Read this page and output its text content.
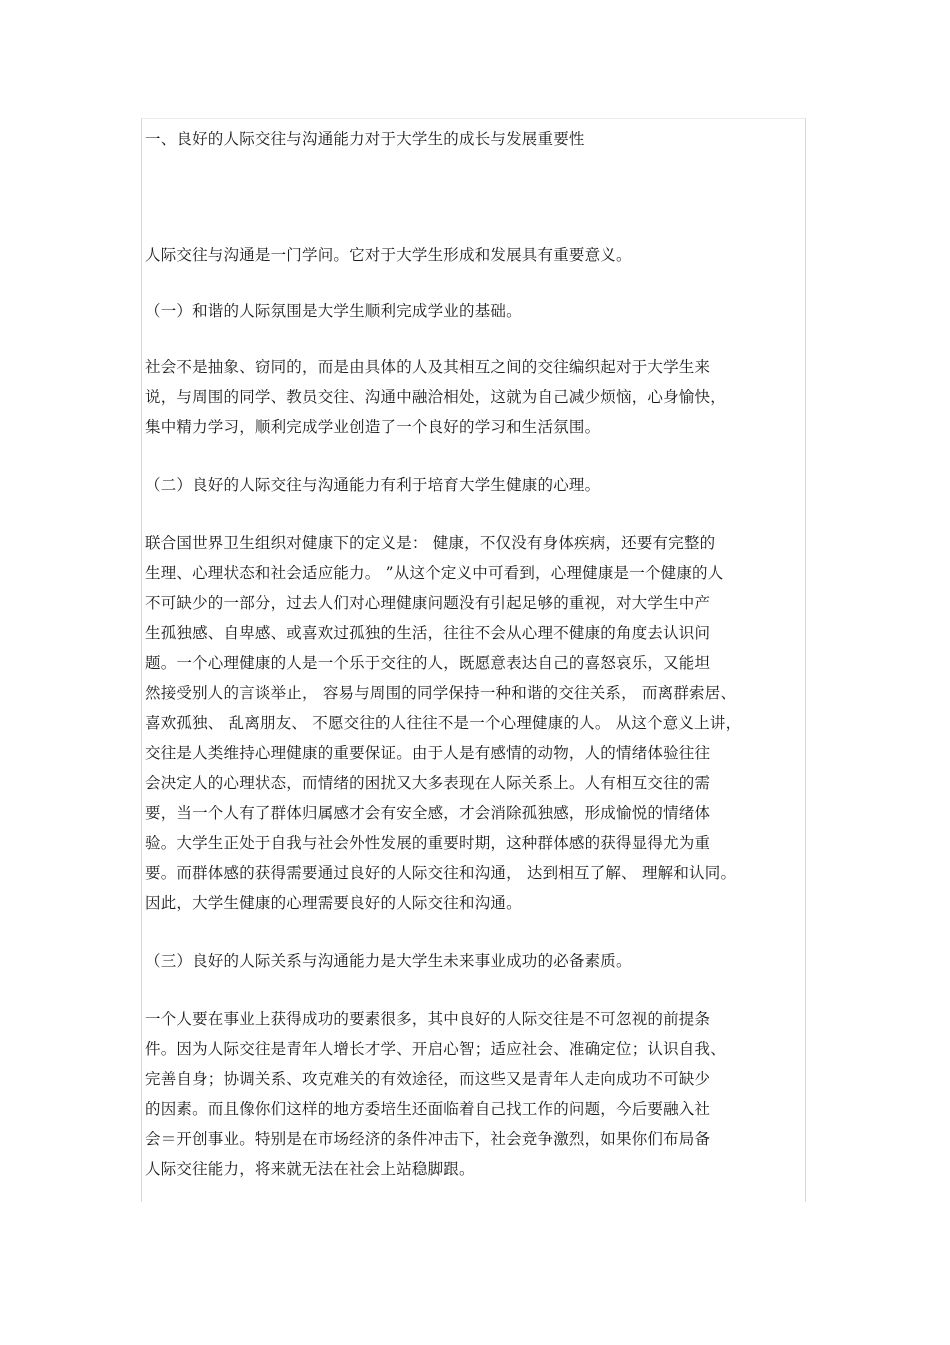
一、良好的人际交往与沟通能力对于大学生的成长与发展重要性
人际交往与沟通是一门学问。它对于大学生形成和发展具有重要意义。
（一）和谐的人际氛围是大学生顺利完成学业的基础。
社会不是抽象、窃同的，而是由具体的人及其相互之间的交往编织起对于大学生来
说，与周围的同学、教员交往、沟通中融洽相处，这就为自己减少烦恼，心身愉快，
集中精力学习，顺利完成学业创造了一个良好的学习和生活氛围。
（二）良好的人际交往与沟通能力有利于培育大学生健康的心理。
联合国世界卫生组织对健康下的定义是： 健康，不仅没有身体疾病，还要有完整的
生理、心理状态和社会适应能力。 ”从这个定义中可看到，心理健康是一个健康的人
不可缺少的一部分，过去人们对心理健康问题没有引起足够的重视，对大学生中产
生孤独感、自卑感、或喜欢过孤独的生活，往往不会从心理不健康的角度去认识问
题。一个心理健康的人是一个乐于交往的人，既愿意表达自己的喜怒哀乐，又能坦
然接受别人的言谈举止， 容易与周围的同学保持一种和谐的交往关系， 而离群索居、
喜欢孤独、 乱离朋友、 不愿交往的人往往不是一个心理健康的人。 从这个意义上讲，
交往是人类维持心理健康的重要保证。由于人是有感情的动物，人的情绪体验往往
会决定人的心理状态，而情绪的困扰又大多表现在人际关系上。人有相互交往的需
要，当一个人有了群体归属感才会有安全感，才会消除孤独感，形成愉悦的情绪体
验。大学生正处于自我与社会外性发展的重要时期，这种群体感的获得显得尤为重
要。而群体感的获得需要通过良好的人际交往和沟通， 达到相互了解、 理解和认同。
因此，大学生健康的心理需要良好的人际交往和沟通。
（三）良好的人际关系与沟通能力是大学生未来事业成功的必备素质。
一个人要在事业上获得成功的要素很多，其中良好的人际交往是不可忽视的前提条
件。因为人际交往是青年人增长才学、开启心智；适应社会、准确定位；认识自我、
完善自身；协调关系、攻克难关的有效途径，而这些又是青年人走向成功不可缺少
的因素。而且像你们这样的地方委培生还面临着自己找工作的问题，今后要融入社
会＝开创事业。特别是在市场经济的条件冲击下，社会竞争激烈，如果你们布局备
人际交往能力，将来就无法在社会上站稳脚跟。
